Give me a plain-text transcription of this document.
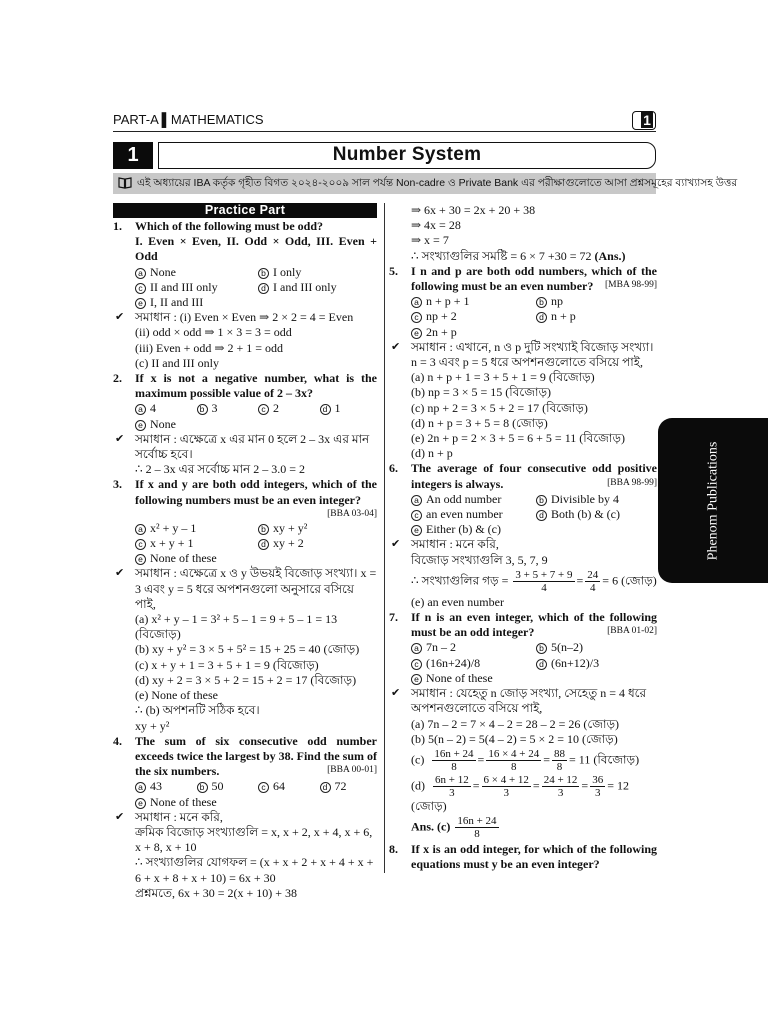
PART-A ▌MATHEMATICS	1
1	Number System
এই অধ্যায়ের IBA কর্তৃক গৃহীত বিগত ২০২৪-২০০৯ সাল পর্যন্ত Non-cadre ও Private Bank এর পরীক্ষাগুলোতে আসা প্রশ্নসমূহের ব্যাখ্যাসহ উত্তর
Phenom Publications
Practice Part
1. Which of the following must be odd?
I. Even × Even, II. Odd × Odd, III. Even + Odd
a None	b I only
c II and III only	d I and III only
e I, II and III
✔ সমাধান : (i) Even × Even ⇒ 2 × 2 = 4 = Even
(ii) odd × odd ⇒ 1 × 3 = 3 = odd
(iii) Even + odd ⇒ 2 + 1 = odd
(c) II and III only
2. If x is not a negative number, what is the maximum possible value of 2 – 3x?
a 4	b 3	c 2	d 1
e None
✔ সমাধান : এক্ষেত্রে x এর মান 0 হলে 2 – 3x এর মান সর্বোচ্চ হবে।
∴ 2 – 3x এর সর্বোচ্চ মান 2 – 3.0 = 2
3. If x and y are both odd integers, which of the following numbers must be an even integer?
[BBA 03-04]
a x² + y – 1	b xy + y²
c x + y + 1	d xy + 2
e None of these
✔ সমাধান : এক্ষেত্রে x ও y উভয়ই বিজোড় সংখ্যা। x = 3 এবং y = 5 ধরে অপশনগুলো অনুসারে বসিয়ে পাই,
(a) x² + y – 1 = 3² + 5 – 1 = 9 + 5 – 1 = 13 (বিজোড়)
(b) xy + y² = 3 × 5 + 5² = 15 + 25 = 40 (জোড়)
(c) x + y + 1 = 3 + 5 + 1 = 9 (বিজোড়)
(d) xy + 2 = 3 × 5 + 2 = 15 + 2 = 17 (বিজোড়)
(e) None of these
∴ (b) অপশনটি সঠিক হবে।
xy + y²
4. The sum of six consecutive odd number exceeds twice the largest by 38. Find the sum of the six numbers.	[BBA 00-01]
a 43	b 50	c 64	d 72
e None of these
✔ সমাধান : মনে করি,
ক্রমিক বিজোড় সংখ্যাগুলি = x, x + 2, x + 4, x + 6, x + 8, x + 10
∴ সংখ্যাগুলির যোগফল = (x + x + 2 + x + 4 + x + 6 + x + 8 + x + 10) = 6x + 30
প্রশ্নমতে, 6x + 30 = 2(x + 10) + 38
⇒ 6x + 30 = 2x + 20 + 38
⇒ 4x = 28
⇒ x = 7
∴ সংখ্যাগুলির সমষ্টি = 6 × 7 +30 = 72 (Ans.)
5. I n and p are both odd numbers, which of the following must be an even number? [MBA 98-99]
a n + p + 1	b np
c np + 2	d n + p
e 2n + p
✔ সমাধান : এখানে, n ও p দুটি সংখ্যাই বিজোড় সংখ্যা। n = 3 এবং p = 5 ধরে অপশনগুলোতে বসিয়ে পাই,
(a) n + p + 1 = 3 + 5 + 1 = 9 (বিজোড়)
(b) np = 3 × 5 = 15 (বিজোড়)
(c) np + 2 = 3 × 5 + 2 = 17 (বিজোড়)
(d) n + p = 3 + 5 = 8 (জোড়)
(e) 2n + p = 2 × 3 + 5 = 6 + 5 = 11 (বিজোড়)
(d) n + p
6. The average of four consecutive odd positive integers is always.	[BBA 98-99]
a An odd number	b Divisible by 4
c an even number	d Both (b) & (c)
e Either (b) & (c)
✔ সমাধান : মনে করি,
বিজোড় সংখ্যাগুলি 3, 5, 7, 9
∴ সংখ্যাগুলির গড় = $\frac{3 + 5 + 7 + 9}{4} = \frac{24}{4} = 6$ (জোড়)
(e) an even number
7. If n is an even integer, which of the following must be an odd integer?	[BBA 01-02]
a 7n – 2	b 5(n–2)
c (16n+24)/8	d (6n+12)/3
e None of these
✔ সমাধান : যেহেতু n জোড় সংখ্যা, সেহেতু n = 4 ধরে অপশনগুলোতে বসিয়ে পাই,
(a) 7n – 2 = 7 × 4 – 2 = 28 – 2 = 26 (জোড়)
(b) 5(n – 2) = 5(4 – 2) = 5 × 2 = 10 (জোড়)
$(c) \frac{16n + 24}{8} = \frac{16 \times 4 + 24}{8} = \frac{88}{8} = 11$ (বিজোড়)
$(d) \frac{6n + 12}{3} = \frac{6 \times 4 + 12}{3} = \frac{24 + 12}{3} = \frac{36}{3} = 12$ (জোড়)
Ans. $(c) \frac{16n + 24}{8}$
8. If x is an odd integer, for which of the following equations must y be an even integer?
